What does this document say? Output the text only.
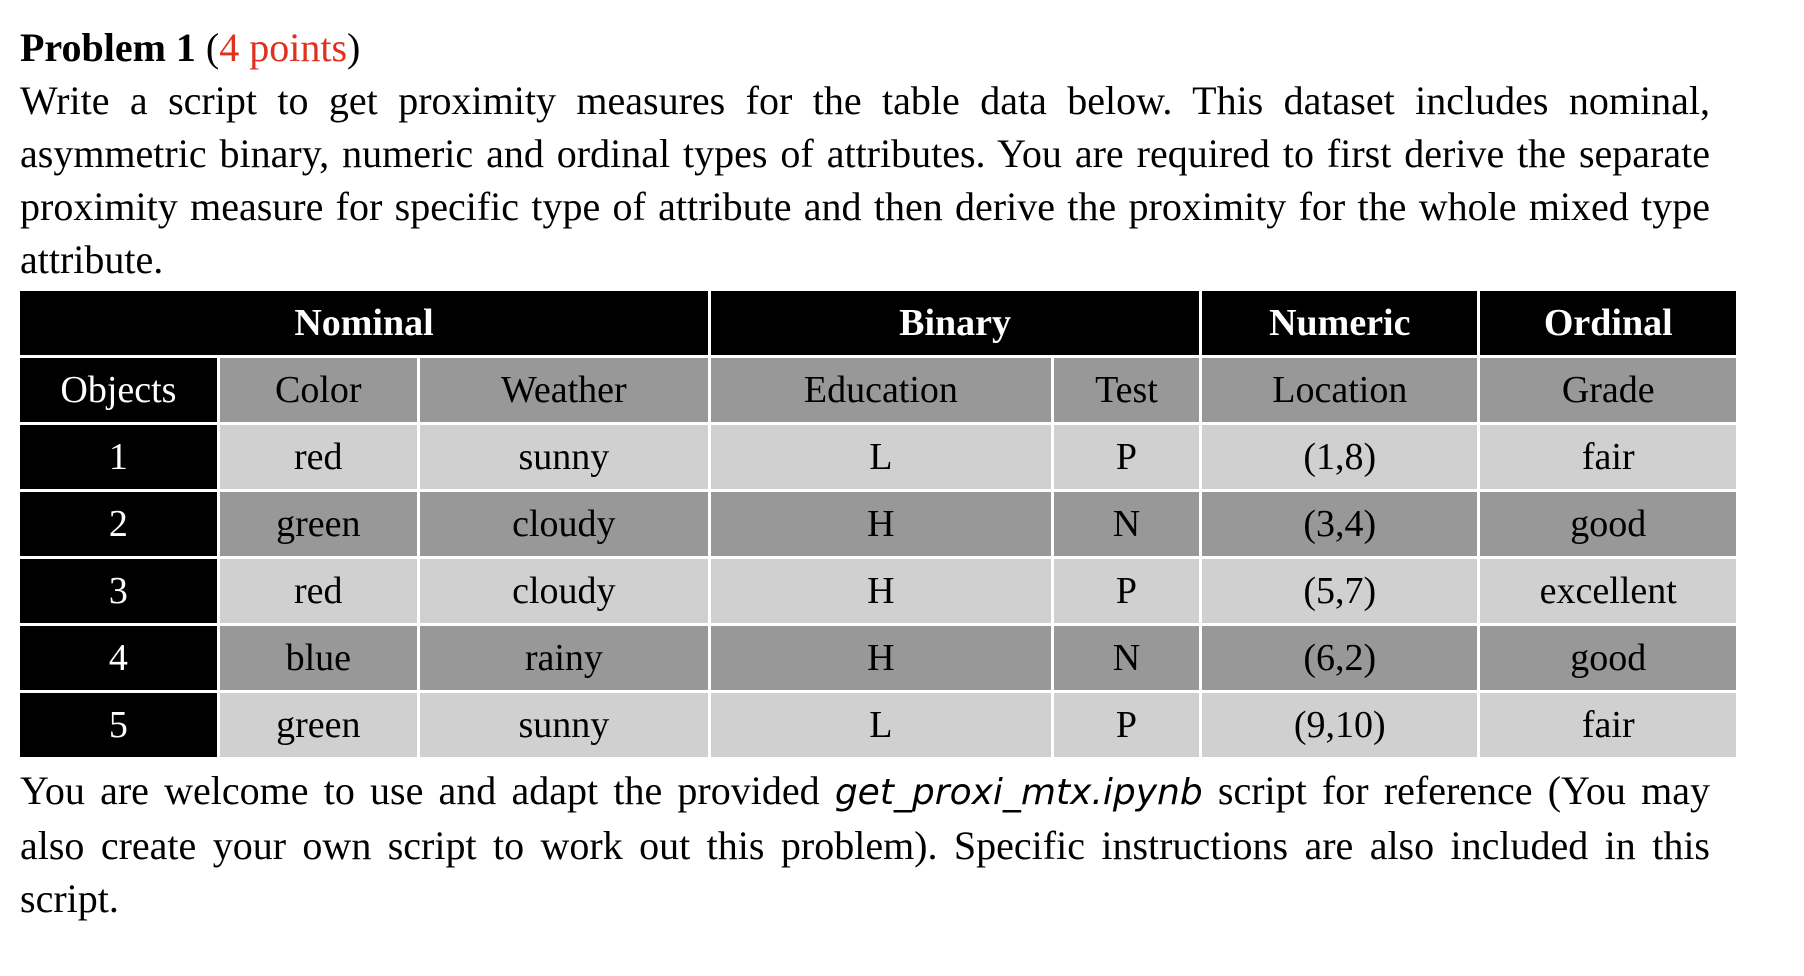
Problem 1 (4 points)

Write a script to get proximity measures for the table data below. This dataset includes nominal, asymmetric binary, numeric and ordinal types of attributes. You are required to first derive the separate proximity measure for specific type of attribute and then derive the proximity for the whole mixed type attribute.

Nominal			Binary		Numeric	Ordinal
Objects	Color	Weather	Education	Test	Location	Grade
1	red	sunny	L	P	(1,8)	fair
2	green	cloudy	H	N	(3,4)	good
3	red	cloudy	H	P	(5,7)	excellent
4	blue	rainy	H	N	(6,2)	good
5	green	sunny	L	P	(9,10)	fair

You are welcome to use and adapt the provided get_proxi_mtx.ipynb script for reference (You may also create your own script to work out this problem). Specific instructions are also included in this script.
